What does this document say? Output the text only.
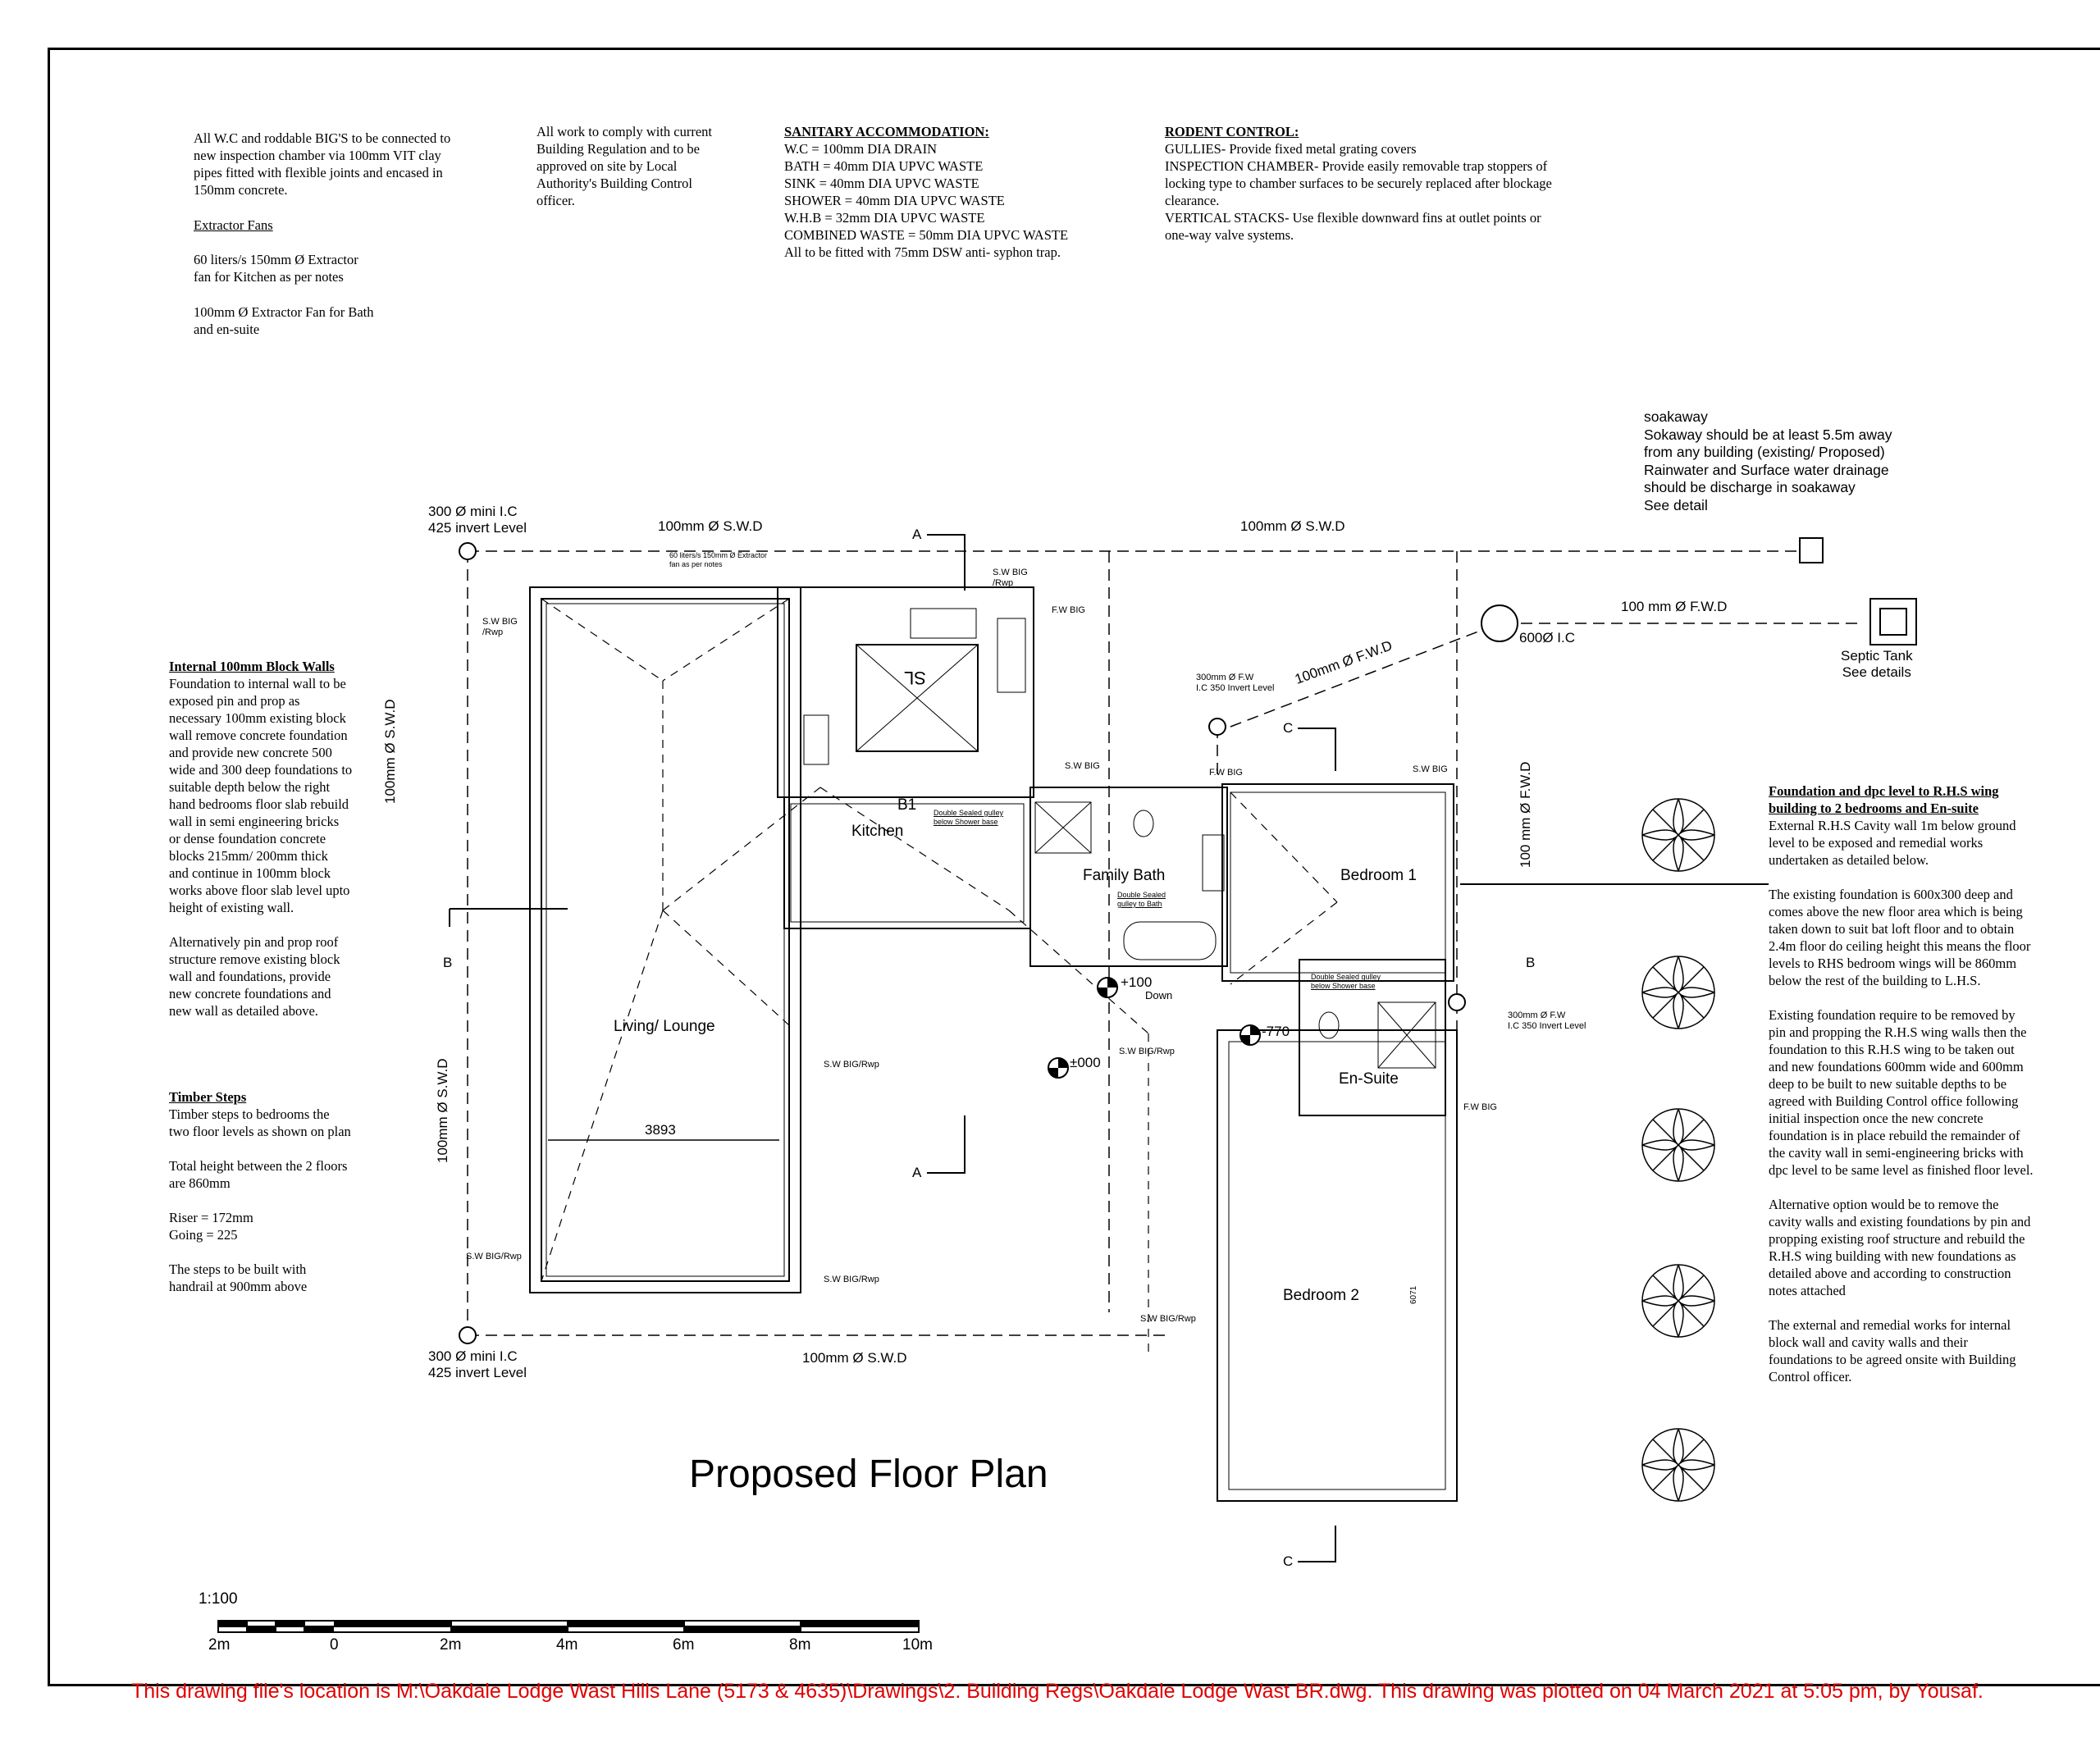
All W.C and roddable BIG'S to be connected to
new inspection chamber via 100mm VIT clay
pipes fitted with flexible joints and encased in
150mm concrete.
Extractor Fans
60 liters/s 150mm Ø Extractor
fan for Kitchen as per notes
100mm Ø Extractor Fan for Bath
and en-suite
All work to comply with current
Building Regulation and to be
approved on site by Local
Authority's Building Control
officer.
SANITARY ACCOMMODATION:
W.C = 100mm DIA DRAIN
BATH = 40mm DIA UPVC WASTE
SINK = 40mm DIA UPVC WASTE
SHOWER = 40mm DIA UPVC WASTE
W.H.B = 32mm DIA UPVC WASTE
COMBINED WASTE = 50mm DIA UPVC WASTE
All to be fitted with 75mm DSW anti- syphon trap.
RODENT CONTROL:
GULLIES- Provide fixed metal grating covers
INSPECTION CHAMBER- Provide easily removable trap stoppers of
locking type to chamber surfaces to be securely replaced after blockage
clearance.
VERTICAL STACKS- Use flexible downward fins at outlet points or
one-way valve systems.
soakaway
Sokaway should be at least 5.5m away
from any building (existing/ Proposed)
Rainwater and Surface water drainage
should be discharge in soakaway
See detail
Internal 100mm Block Walls
Foundation to internal wall to be
exposed pin and prop as
necessary 100mm existing block
wall remove concrete foundation
and provide new concrete 500
wide and 300 deep foundations to
suitable depth below the right
hand bedrooms floor slab rebuild
wall in semi engineering bricks
or dense foundation concrete
blocks 215mm/ 200mm thick
and continue in 100mm block
works above floor slab level upto
height of existing wall.

Alternatively pin and prop roof
structure remove existing block
wall and foundations, provide
new concrete foundations and
new wall as detailed above.
Timber Steps
Timber steps to bedrooms the
two floor levels as shown on plan

Total height between the 2 floors
are 860mm

Riser = 172mm
Going = 225

The steps to be built with
handrail at 900mm above
Foundation and dpc level to R.H.S wing
building to 2 bedrooms and En-suite
External R.H.S Cavity wall 1m below ground
level to be exposed and remedial works
undertaken as detailed below.

The existing foundation is 600x300 deep and
comes above the new floor area which is being
taken down to suit bat loft floor and to obtain
2.4m floor do ceiling height this means the floor
levels to RHS bedroom wings will be 860mm
below the rest of the building to L.H.S.

Existing foundation require to be removed by
pin and propping the R.H.S wing walls then the
foundation to this R.H.S wing to be taken out
and new foundations 600mm wide and 600mm
deep to be built to new suitable depths to be
agreed with Building Control office following
initial inspection once the new concrete
foundation is in place rebuild the remainder of
the cavity wall in semi-engineering bricks with
dpc level to be same level as finished floor level.

Alternative option would be to remove the
cavity walls and existing foundations by pin and
propping existing roof structure and rebuild the
R.H.S wing building with new foundations as
detailed above and according to construction
notes attached

The external and remedial works for internal
block wall and cavity walls and their
foundations to be agreed onsite with Building
Control officer.
Living/ Lounge
Kitchen
B1
Family Bath	Bedroom 1
En-Suite
Bedroom 2
300 Ø mini I.C
425 invert Level
300 Ø mini I.C
425 invert Level
100mm Ø S.W.D	100mm Ø S.W.D
100mm Ø S.W.D
100mm Ø S.W.D
100mm Ø S.W.D
100 mm Ø F.W.D
100 mm Ø F.W.D
100mm Ø F.W.D	600Ø I.C
Septic Tank
See details
300mm Ø F.W
I.C 350 Invert Level
300mm Ø F.W
I.C 350 Invert Level
60 liters/s 150mm Ø Extractor
fan as per notes
S.W BIG
/Rwp
S.W BIG
/Rwp
S.W BIG	S.W BIG
F.W BIG
F.W BIG
F.W BIG
S.W BIG/Rwp
S.W BIG/Rwp
S.W BIG/Rwp
S.W BIG/Rwp
S.W BIG/Rwp
Double Sealed gulley
below Shower base
Double Sealed
gulley to Bath
Double Sealed gulley
below Shower base
A
A
B	B
C
C
+100
Down
±000
-770
3893
6071
SL
Proposed Floor Plan
1:100
2m	0	2m	4m	6m	8m	10m
This drawing file's location is M:\Oakdale Lodge Wast Hills Lane (5173 & 4635)\Drawings\2. Building Regs\Oakdale Lodge Wast BR.dwg. This drawing was plotted on 04 March 2021 at 5:05 pm, by Yousaf.
